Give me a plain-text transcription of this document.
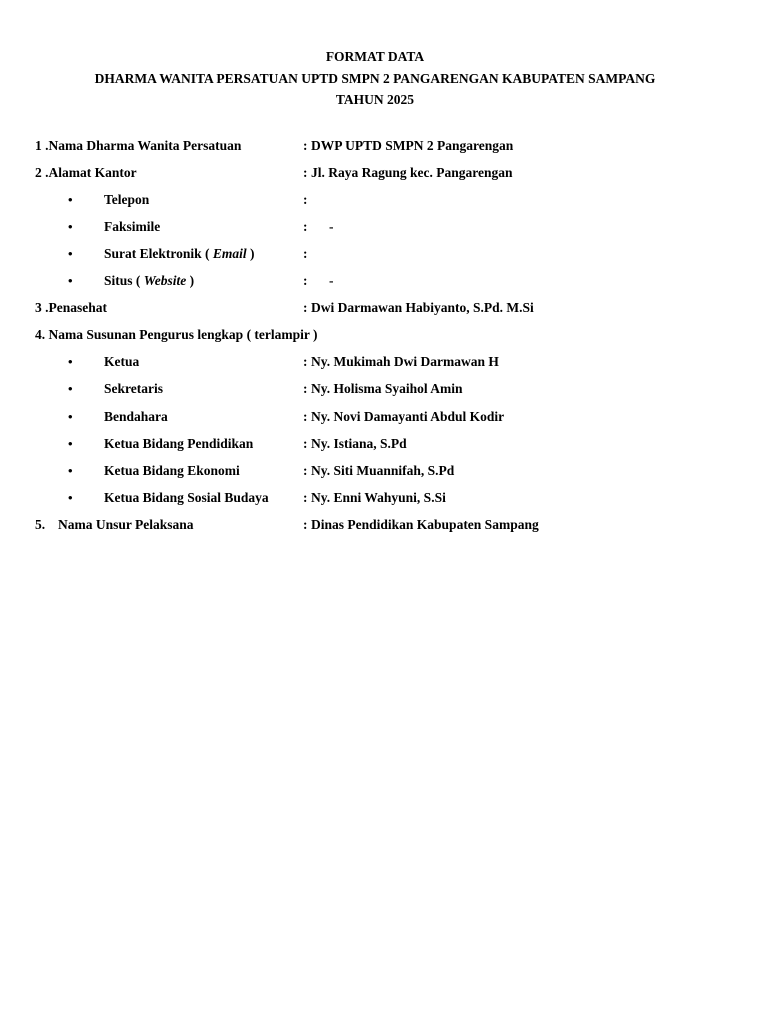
FORMAT DATA
DHARMA WANITA PERSATUAN UPTD SMPN 2 PANGARENGAN KABUPATEN SAMPANG
TAHUN 2025
1 .Nama Dharma Wanita Persatuan	: DWP UPTD SMPN 2 Pangarengan
2 .Alamat Kantor	: Jl. Raya Ragung kec. Pangarengan
• Telepon	:
• Faksimile	: -
• Surat Elektronik ( Email )	:
• Situs ( Website )	: -
3 .Penasehat	: Dwi Darmawan Habiyanto, S.Pd. M.Si
4. Nama Susunan Pengurus lengkap ( terlampir )
• Ketua	: Ny. Mukimah Dwi Darmawan H
• Sekretaris	: Ny. Holisma Syaihol Amin
• Bendahara	: Ny. Novi Damayanti Abdul Kodir
• Ketua Bidang Pendidikan	: Ny. Istiana, S.Pd
• Ketua Bidang Ekonomi	: Ny. Siti Muannifah, S.Pd
• Ketua Bidang Sosial Budaya	: Ny. Enni Wahyuni, S.Si
5. Nama Unsur Pelaksana	: Dinas Pendidikan Kabupaten Sampang
